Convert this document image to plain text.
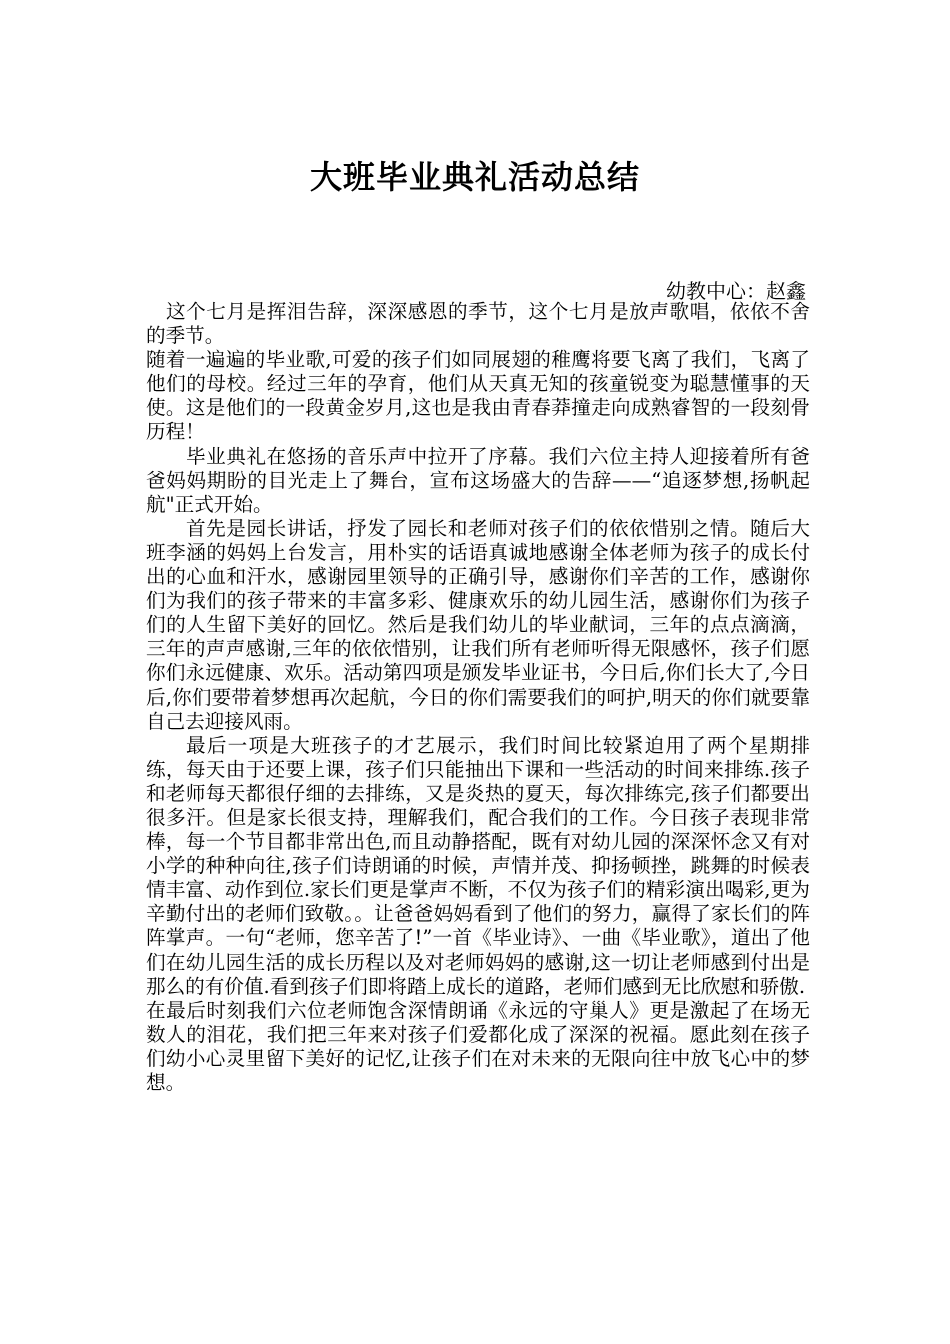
大班毕业典礼活动总结
幼教中心：赵鑫

这个七月是挥泪告辞，深深感恩的季节，这个七月是放声歌唱，依依不舍的季节。

随着一遍遍的毕业歌,可爱的孩子们如同展翅的稚鹰将要飞离了我们，飞离了他们的母校。经过三年的孕育，他们从天真无知的孩童锐变为聪慧懂事的天使。这是他们的一段黄金岁月,这也是我由青春莽撞走向成熟睿智的一段刻骨历程！

毕业典礼在悠扬的音乐声中拉开了序幕。我们六位主持人迎接着所有爸爸妈妈期盼的目光走上了舞台，宣布这场盛大的告辞——“追逐梦想,扬帆起航"正式开始。

首先是园长讲话，抒发了园长和老师对孩子们的依依惜别之情。随后大班李涵的妈妈上台发言，用朴实的话语真诚地感谢全体老师为孩子的成长付出的心血和汗水，感谢园里领导的正确引导，感谢你们辛苦的工作，感谢你们为我们的孩子带来的丰富多彩、健康欢乐的幼儿园生活，感谢你们为孩子们的人生留下美好的回忆。然后是我们幼儿的毕业献词，三年的点点滴滴，三年的声声感谢,三年的依依惜别，让我们所有老师听得无限感怀，孩子们愿你们永远健康、欢乐。活动第四项是颁发毕业证书，今日后,你们长大了,今日后,你们要带着梦想再次起航，今日的你们需要我们的呵护,明天的你们就要靠自己去迎接风雨。

最后一项是大班孩子的才艺展示，我们时间比较紧迫用了两个星期排练，每天由于还要上课，孩子们只能抽出下课和一些活动的时间来排练.孩子和老师每天都很仔细的去排练，又是炎热的夏天，每次排练完,孩子们都要出很多汗。但是家长很支持，理解我们，配合我们的工作。今日孩子表现非常棒，每一个节目都非常出色,而且动静搭配，既有对幼儿园的深深怀念又有对小学的种种向往,孩子们诗朗诵的时候，声情并茂、抑扬顿挫，跳舞的时候表情丰富、动作到位.家长们更是掌声不断，不仅为孩子们的精彩演出喝彩,更为辛勤付出的老师们致敬。。让爸爸妈妈看到了他们的努力，赢得了家长们的阵阵掌声。一句“老师，您辛苦了!”一首《毕业诗》、一曲《毕业歌》，道出了他们在幼儿园生活的成长历程以及对老师妈妈的感谢,这一切让老师感到付出是那么的有价值.看到孩子们即将踏上成长的道路，老师们感到无比欣慰和骄傲.

在最后时刻我们六位老师饱含深情朗诵《永远的守巢人》更是激起了在场无数人的泪花，我们把三年来对孩子们爱都化成了深深的祝福。愿此刻在孩子们幼小心灵里留下美好的记忆,让孩子们在对未来的无限向往中放飞心中的梦想。
